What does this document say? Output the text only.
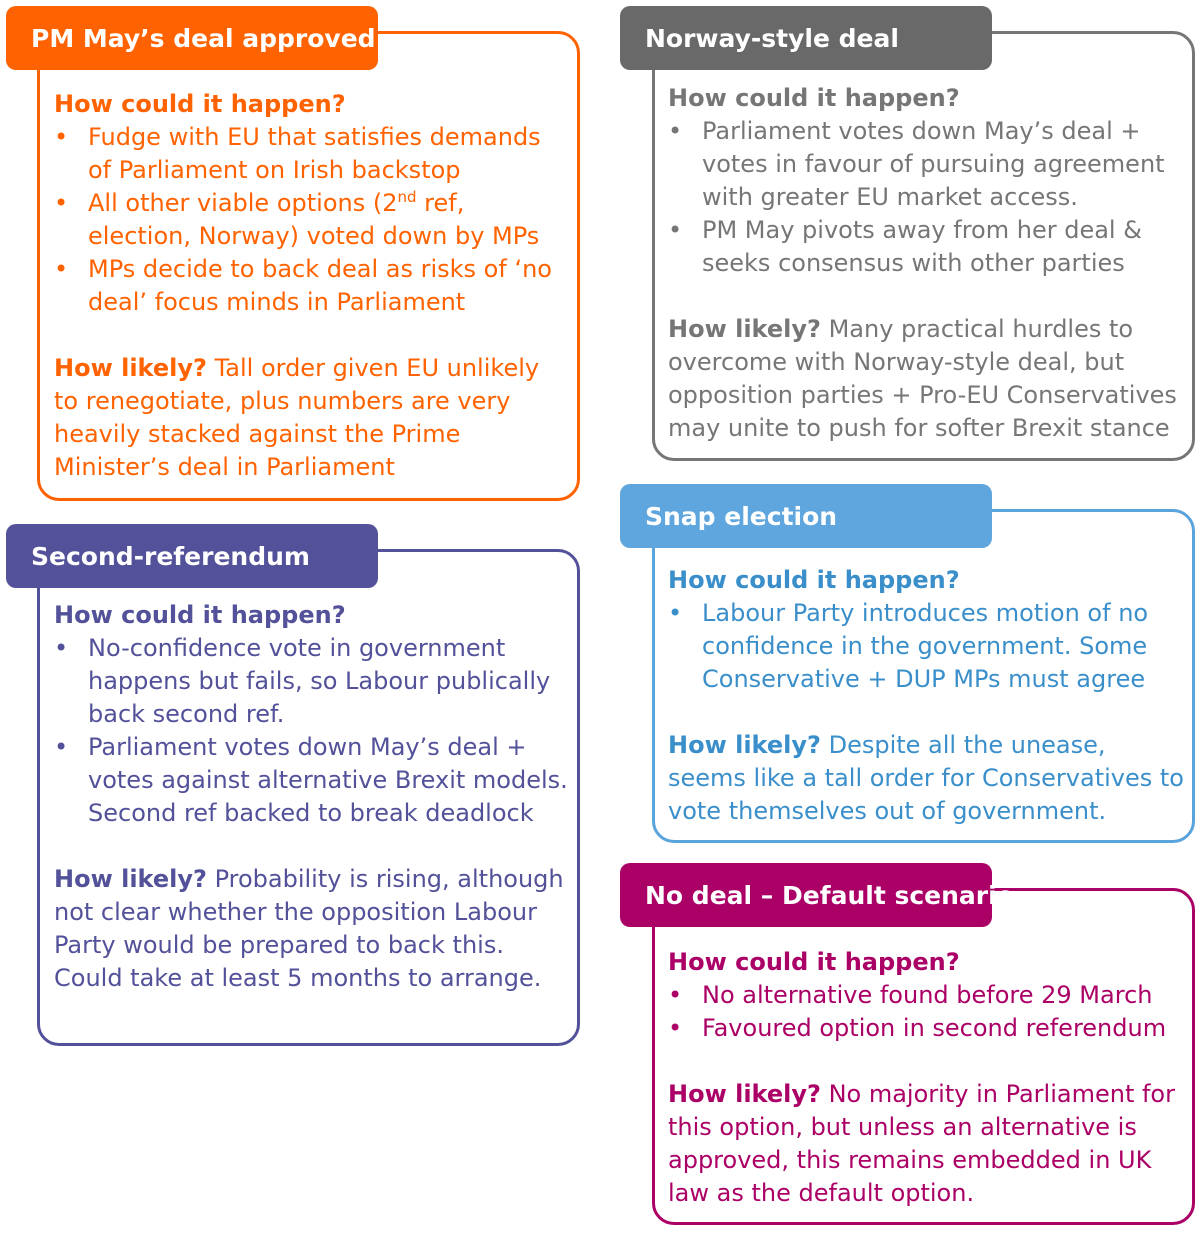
PM May’s deal approved
How could it happen?
• Fudge with EU that satisfies demands of Parliament on Irish backstop
• All other viable options (2nd ref, election, Norway) voted down by MPs
• MPs decide to back deal as risks of ‘no deal’ focus minds in Parliament
How likely? Tall order given EU unlikely to renegotiate, plus numbers are very heavily stacked against the Prime Minister’s deal in Parliament
Norway-style deal
How could it happen?
• Parliament votes down May’s deal + votes in favour of pursuing agreement with greater EU market access.
• PM May pivots away from her deal & seeks consensus with other parties
How likely? Many practical hurdles to overcome with Norway-style deal, but opposition parties + Pro-EU Conservatives may unite to push for softer Brexit stance
Second-referendum
How could it happen?
• No-confidence vote in government happens but fails, so Labour publically back second ref.
• Parliament votes down May’s deal + votes against alternative Brexit models. Second ref backed to break deadlock
How likely? Probability is rising, although not clear whether the opposition Labour Party would be prepared to back this. Could take at least 5 months to arrange.
Snap election
How could it happen?
• Labour Party introduces motion of no confidence in the government. Some Conservative + DUP MPs must agree
How likely? Despite all the unease, seems like a tall order for Conservatives to vote themselves out of government.
No deal – Default scenario
How could it happen?
• No alternative found before 29 March
• Favoured option in second referendum
How likely? No majority in Parliament for this option, but unless an alternative is approved, this remains embedded in UK law as the default option.
